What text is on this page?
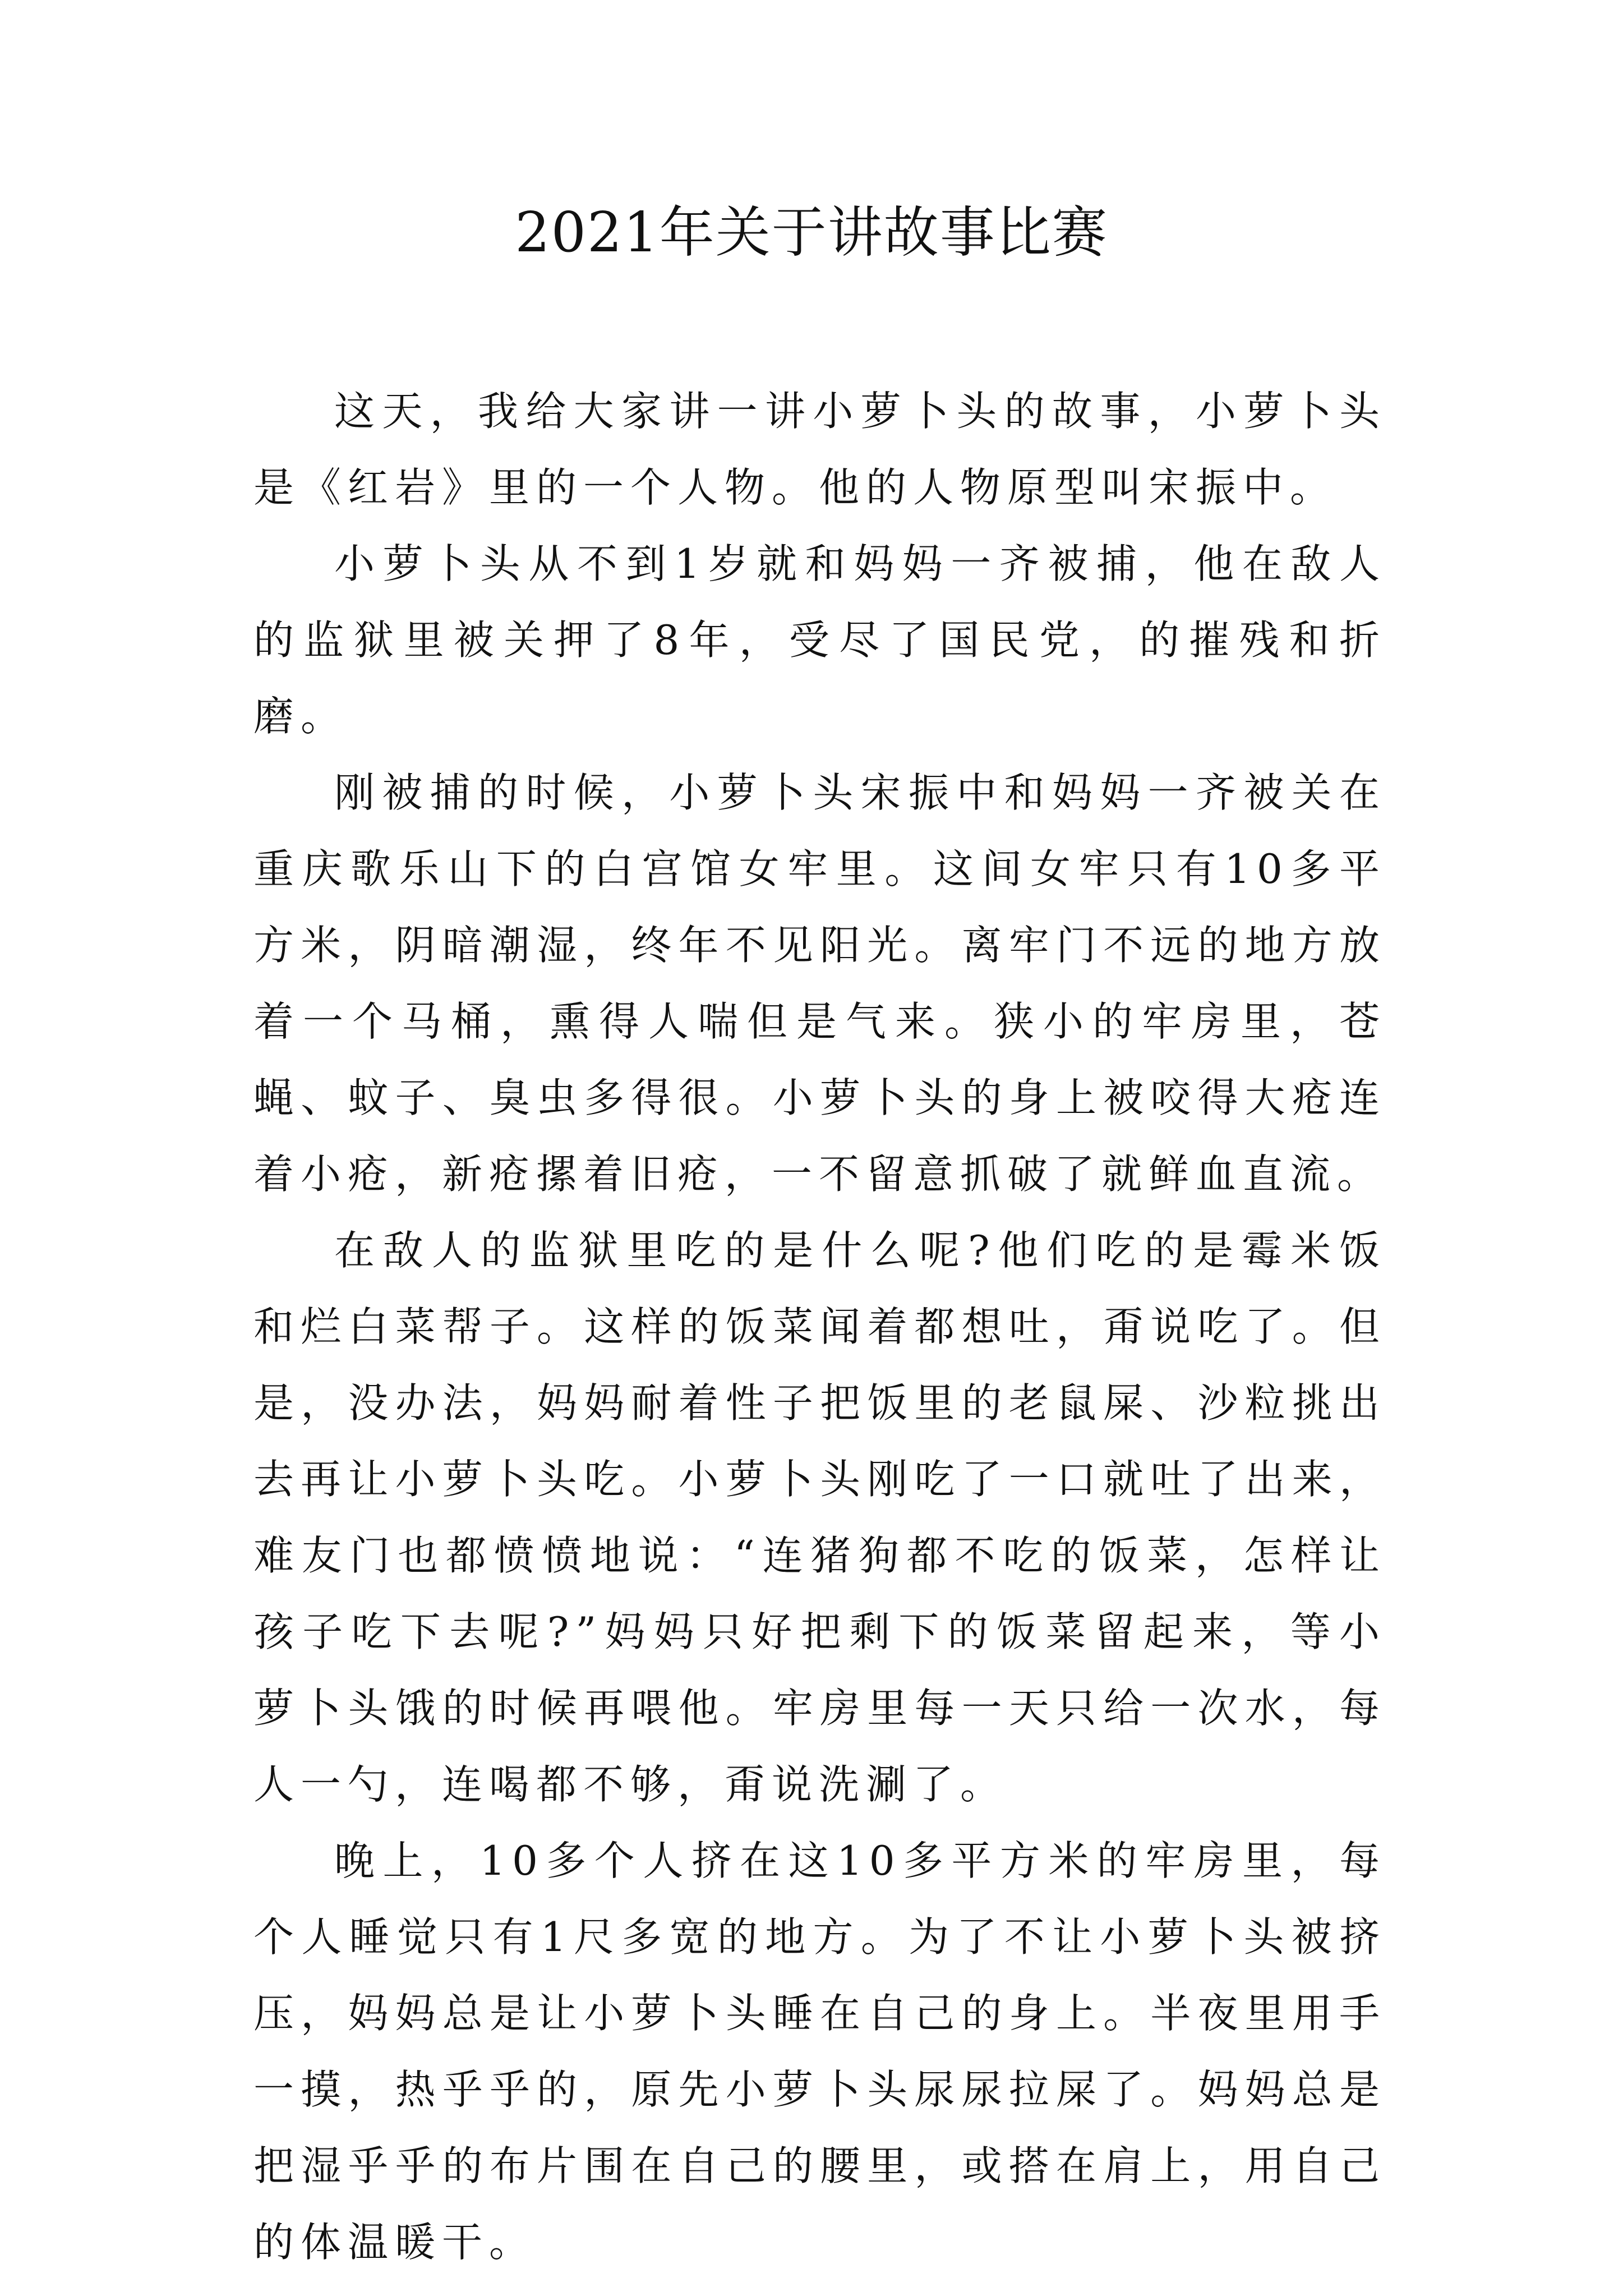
2021年关于讲故事比赛

这天，我给大家讲一讲小萝卜头的故事，小萝卜头是《红岩》里的一个人物。他的人物原型叫宋振中。

小萝卜头从不到1岁就和妈妈一齐被捕，他在敌人的监狱里被关押了8年，受尽了国民党，的摧残和折磨。

刚被捕的时候，小萝卜头宋振中和妈妈一齐被关在重庆歌乐山下的白宫馆女牢里。这间女牢只有10多平方米，阴暗潮湿，终年不见阳光。离牢门不远的地方放着一个马桶，熏得人喘但是气来。狭小的牢房里，苍蝇、蚊子、臭虫多得很。小萝卜头的身上被咬得大疮连着小疮，新疮摞着旧疮，一不留意抓破了就鲜血直流。

在敌人的监狱里吃的是什么呢?他们吃的是霉米饭和烂白菜帮子。这样的饭菜闻着都想吐，甭说吃了。但是，没办法，妈妈耐着性子把饭里的老鼠屎、沙粒挑出去再让小萝卜头吃。小萝卜头刚吃了一口就吐了出来，难友门也都愤愤地说：“连猪狗都不吃的饭菜，怎样让孩子吃下去呢?”妈妈只好把剩下的饭菜留起来，等小萝卜头饿的时候再喂他。牢房里每一天只给一次水，每人一勺，连喝都不够，甭说洗涮了。

晚上，10多个人挤在这10多平方米的牢房里，每个人睡觉只有1尺多宽的地方。为了不让小萝卜头被挤压，妈妈总是让小萝卜头睡在自己的身上。半夜里用手一摸，热乎乎的，原先小萝卜头尿尿拉屎了。妈妈总是把湿乎乎的布片围在自己的腰里，或搭在肩上，用自己的体温暖干。
